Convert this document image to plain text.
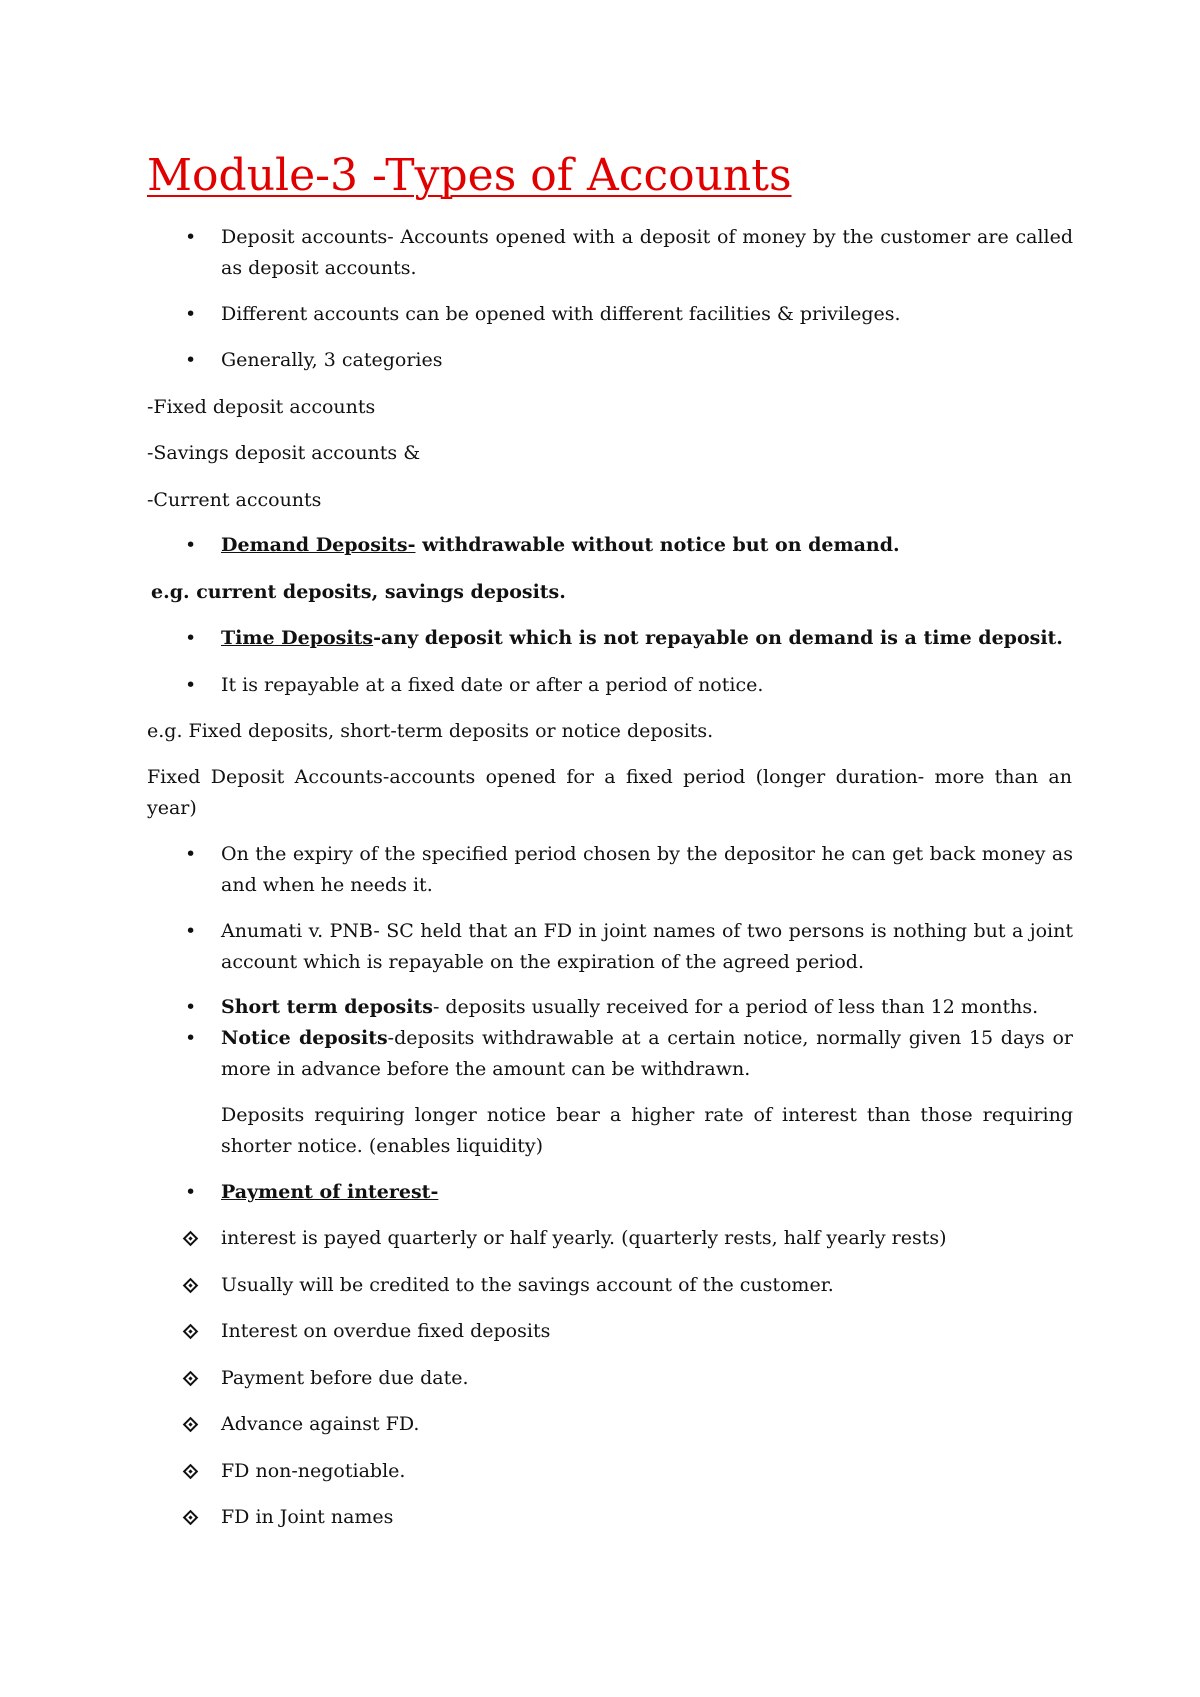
Module-3 -Types of Accounts
•	Deposit accounts- Accounts opened with a deposit of money by the customer are called as deposit accounts.
•	Different accounts can be opened with different facilities & privileges.
•	Generally, 3 categories
-Fixed deposit accounts
-Savings deposit accounts &
-Current accounts
•	Demand Deposits- withdrawable without notice but on demand.
e.g. current deposits, savings deposits.
•	Time Deposits-any deposit which is not repayable on demand is a time deposit.
•	It is repayable at a fixed date or after a period of notice.
e.g. Fixed deposits, short-term deposits or notice deposits.
Fixed Deposit Accounts-accounts opened for a fixed period (longer duration- more than an year)
•	On the expiry of the specified period chosen by the depositor he can get back money as and when he needs it.
•	Anumati v. PNB- SC held that an FD in joint names of two persons is nothing but a joint account which is repayable on the expiration of the agreed period.
•	Short term deposits- deposits usually received for a period of less than 12 months.
•	Notice deposits-deposits withdrawable at a certain notice, normally given 15 days or more in advance before the amount can be withdrawn.
Deposits requiring longer notice bear a higher rate of interest than those requiring shorter notice. (enables liquidity)
•	Payment of interest-
interest is payed quarterly or half yearly. (quarterly rests, half yearly rests)
Usually will be credited to the savings account of the customer.
Interest on overdue fixed deposits
Payment before due date.
Advance against FD.
FD non-negotiable.
FD in Joint names
